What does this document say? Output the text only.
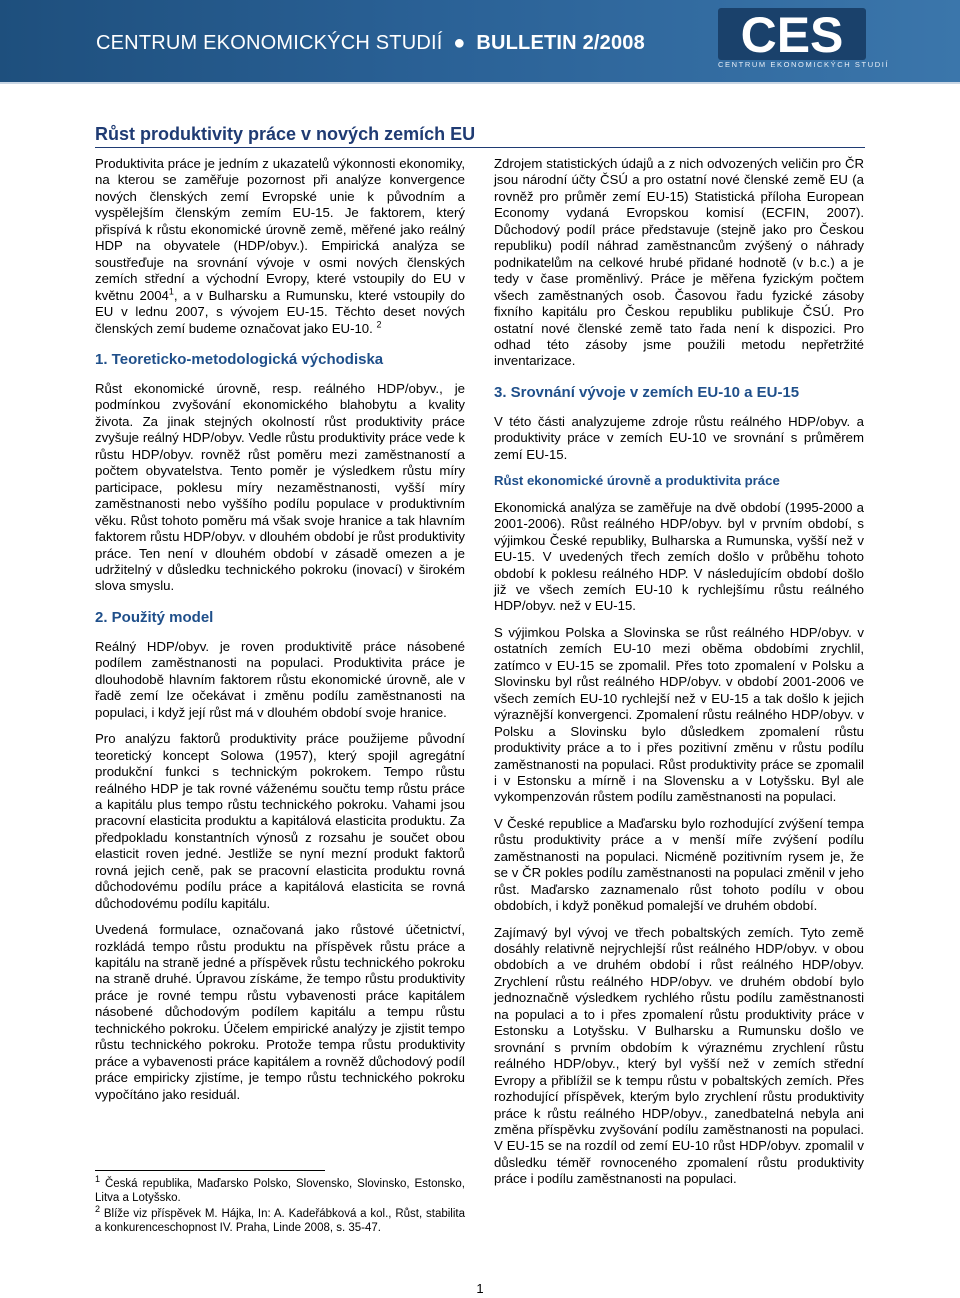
CENTRUM EKONOMICKÝCH STUDIÍ ● BULLETIN 2/2008 CES
CENTRUM EKONOMICKÝCH STUDIÍ
Růst produktivity práce v nových zemích EU

Produktivita práce je jedním z ukazatelů výkonnosti ekonomiky, na kterou se zaměřuje pozornost při analýze konvergence nových členských zemí Evropské unie k původním a vyspělejším členským zemím EU-15. Je faktorem, který přispívá k růstu ekonomické úrovně země, měřené jako reálný HDP na obyvatele (HDP/obyv.). Empirická analýza se soustřeďuje na srovnání vývoje v osmi nových členských zemích střední a východní Evropy, které vstoupily do EU v květnu 2004$^1$, a v Bulharsku a Rumunsku, které vstoupily do EU v lednu 2007, s vývojem EU-15. Těchto deset nových členských zemí budeme označovat jako EU-10. $^2$

1. Teoreticko-metodologická východiska

Růst ekonomické úrovně, resp. reálného HDP/obyv., je podmínkou zvyšování ekonomického blahobytu a kvality života. Za jinak stejných okolností růst produktivity práce zvyšuje reálný HDP/obyv. Vedle růstu produktivity práce vede k růstu HDP/obyv. rovněž růst poměru mezi zaměstnaností a počtem obyvatelstva. Tento poměr je výsledkem růstu míry participace, poklesu míry nezaměstnanosti, vyšší míry zaměstnanosti nebo vyššího podílu populace v produktivním věku. Růst tohoto poměru má však svoje hranice a tak hlavním faktorem růstu HDP/obyv. v dlouhém období je růst produktivity práce. Ten není v dlouhém období v zásadě omezen a je udržitelný v důsledku technického pokroku (inovací) v širokém slova smyslu.

2. Použitý model

Reálný HDP/obyv. je roven produktivitě práce násobené podílem zaměstnanosti na populaci. Produktivita práce je dlouhodobě hlavním faktorem růstu ekonomické úrovně, ale v řadě zemí lze očekávat i změnu podílu zaměstnanosti na populaci, i když její růst má v dlouhém období svoje hranice.

Pro analýzu faktorů produktivity práce použijeme původní teoretický koncept Solowa (1957), který spojil agregátní produkční funkci s technickým pokrokem. Tempo růstu reálného HDP je tak rovné váženému součtu temp růstu práce a kapitálu plus tempo růstu technického pokroku. Vahami jsou pracovní elasticita produktu a kapitálová elasticita produktu. Za předpokladu konstantních výnosů z rozsahu je součet obou elasticit roven jedné. Jestliže se nyní mezní produkt faktorů rovná jejich ceně, pak se pracovní elasticita produktu rovná důchodovému podílu práce a kapitálová elasticita se rovná důchodovému podílu kapitálu.

Uvedená formulace, označovaná jako růstové účetnictví, rozkládá tempo růstu produktu na příspěvek růstu práce a kapitálu na straně jedné a příspěvek růstu technického pokroku na straně druhé. Úpravou získáme, že tempo růstu produktivity práce je rovné tempu růstu vybavenosti práce kapitálem násobené důchodovým podílem kapitálu a tempu růstu technického pokroku. Účelem empirické analýzy je zjistit tempo růstu technického pokroku. Protože tempa růstu produktivity práce a vybavenosti práce kapitálem a rovněž důchodový podíl práce empiricky zjistíme, je tempo růstu technického pokroku vypočítáno jako residuál.

$^1$ Česká republika, Maďarsko Polsko, Slovensko, Slovinsko, Estonsko, Litva a Lotyšsko.

$^2$ Blíže viz příspěvek M. Hájka, In: A. Kadeřábková a kol., Růst, stabilita a konkurenceschopnost IV. Praha, Linde 2008, s. 35-47.

Zdrojem statistických údajů a z nich odvozených veličin pro ČR jsou národní účty ČSÚ a pro ostatní nové členské země EU (a rovněž pro průměr zemí EU-15) Statistická příloha European Economy vydaná Evropskou komisí (ECFIN, 2007). Důchodový podíl práce představuje (stejně jako pro Českou republiku) podíl náhrad zaměstnancům zvýšený o náhrady podnikatelům na celkové hrubé přidané hodnotě (v b.c.) a je tedy v čase proměnlivý. Práce je měřena fyzickým počtem všech zaměstnaných osob. Časovou řadu fyzické zásoby fixního kapitálu pro Českou republiku publikuje ČSÚ. Pro ostatní nové členské země tato řada není k dispozici. Pro odhad této zásoby jsme použili metodu nepřetržité inventarizace.

3. Srovnání vývoje v zemích EU-10 a EU-15

V této části analyzujeme zdroje růstu reálného HDP/obyv. a produktivity práce v zemích EU-10 ve srovnání s průměrem zemí EU-15.

Růst ekonomické úrovně a produktivita práce

Ekonomická analýza se zaměřuje na dvě období (1995-2000 a 2001-2006). Růst reálného HDP/obyv. byl v prvním období, s výjimkou České republiky, Bulharska a Rumunska, vyšší než v EU-15. V uvedených třech zemích došlo v průběhu tohoto období k poklesu reálného HDP. V následujícím období došlo již ve všech zemích EU-10 k rychlejšímu růstu reálného HDP/obyv. než v EU-15.

S výjimkou Polska a Slovinska se růst reálného HDP/obyv. v ostatních zemích EU-10 mezi oběma obdobími zrychlil, zatímco v EU-15 se zpomalil. Přes toto zpomalení v Polsku a Slovinsku byl růst reálného HDP/obyv. v období 2001-2006 ve všech zemích EU-10 rychlejší než v EU-15 a tak došlo k jejich výraznější konvergenci. Zpomalení růstu reálného HDP/obyv. v Polsku a Slovinsku bylo důsledkem zpomalení růstu produktivity práce a to i přes pozitivní změnu v růstu podílu zaměstnanosti na populaci. Růst produktivity práce se zpomalil i v Estonsku a mírně i na Slovensku a v Lotyšsku. Byl ale vykompenzován růstem podílu zaměstnanosti na populaci.

V České republice a Maďarsku bylo rozhodující zvýšení tempa růstu produktivity práce a v menší míře zvýšení podílu zaměstnanosti na populaci. Nicméně pozitivním rysem je, že se v ČR pokles podílu zaměstnanosti na populaci změnil v jeho růst. Maďarsko zaznamenalo růst tohoto podílu v obou obdobích, i když poněkud pomalejší ve druhém období.

Zajímavý byl vývoj ve třech pobaltských zemích. Tyto země dosáhly relativně nejrychlejší růst reálného HDP/obyv. v obou obdobích a ve druhém období i růst reálného HDP/obyv. Zrychlení růstu reálného HDP/obyv. ve druhém období bylo jednoznačně výsledkem rychlého růstu podílu zaměstnanosti na populaci a to i přes zpomalení růstu produktivity práce v Estonsku a Lotyšsku. V Bulharsku a Rumunsku došlo ve srovnání s prvním obdobím k výraznému zrychlení růstu reálného HDP/obyv., který byl vyšší než v zemích střední Evropy a přiblížil se k tempu růstu v pobaltských zemích. Přes rozhodující příspěvek, kterým bylo zrychlení růstu produktivity práce k růstu reálného HDP/obyv., zanedbatelná nebyla ani změna příspěvku zvyšování podílu zaměstnanosti na populaci. V EU-15 se na rozdíl od zemí EU-10 růst HDP/obyv. zpomalil v důsledku téměř rovnoceného zpomalení růstu produktivity práce i podílu zaměstnanosti na populaci.

1
